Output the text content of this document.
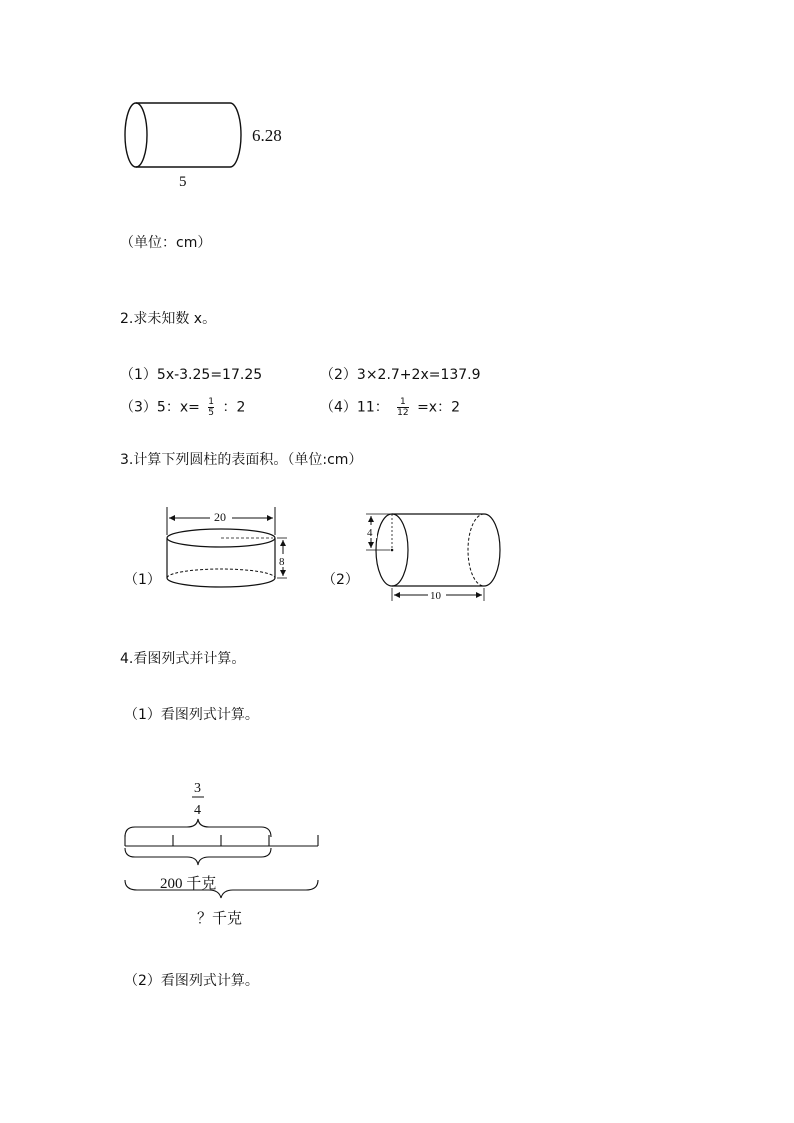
6.28
5
（单位：cm）
2.求未知数 x。
（1）5x-3.25=17.25	（2）3×2.7+2x=137.9
（3）5：$x= \frac{1}{5}$ ：2	（4）11： $\frac{1}{12} =x$：2
3.计算下列圆柱的表面积。（单位:cm）
（1）
20
8
（2）
4
10
4.看图列式并计算。
（1）看图列式计算。
3
4
200 千克
？千克
（2）看图列式计算。
